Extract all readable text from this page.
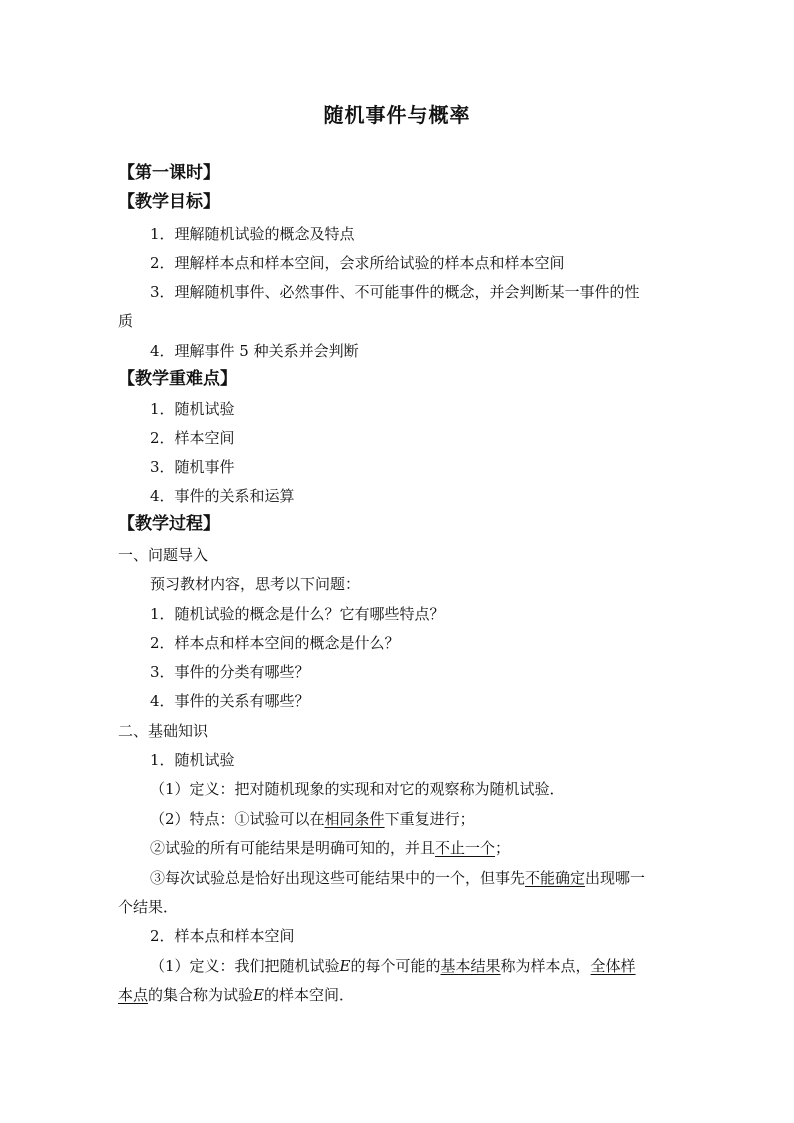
随机事件与概率
【第一课时】
【教学目标】
1．理解随机试验的概念及特点
2．理解样本点和样本空间，会求所给试验的样本点和样本空间
3．理解随机事件、必然事件、不可能事件的概念，并会判断某一事件的性
质
4．理解事件 5 种关系并会判断
【教学重难点】
1．随机试验
2．样本空间
3．随机事件
4．事件的关系和运算
【教学过程】
一、问题导入
预习教材内容，思考以下问题：
1．随机试验的概念是什么？它有哪些特点？
2．样本点和样本空间的概念是什么？
3．事件的分类有哪些？
4．事件的关系有哪些？
二、基础知识
1．随机试验
（1）定义：把对随机现象的实现和对它的观察称为随机试验．
（2）特点：①试验可以在相同条件下重复进行；
②试验的所有可能结果是明确可知的，并且不止一个；
③每次试验总是恰好出现这些可能结果中的一个，但事先不能确定出现哪一
个结果．
2．样本点和样本空间
（1）定义：我们把随机试验E的每个可能的基本结果称为样本点，全体样
本点的集合称为试验E的样本空间．
